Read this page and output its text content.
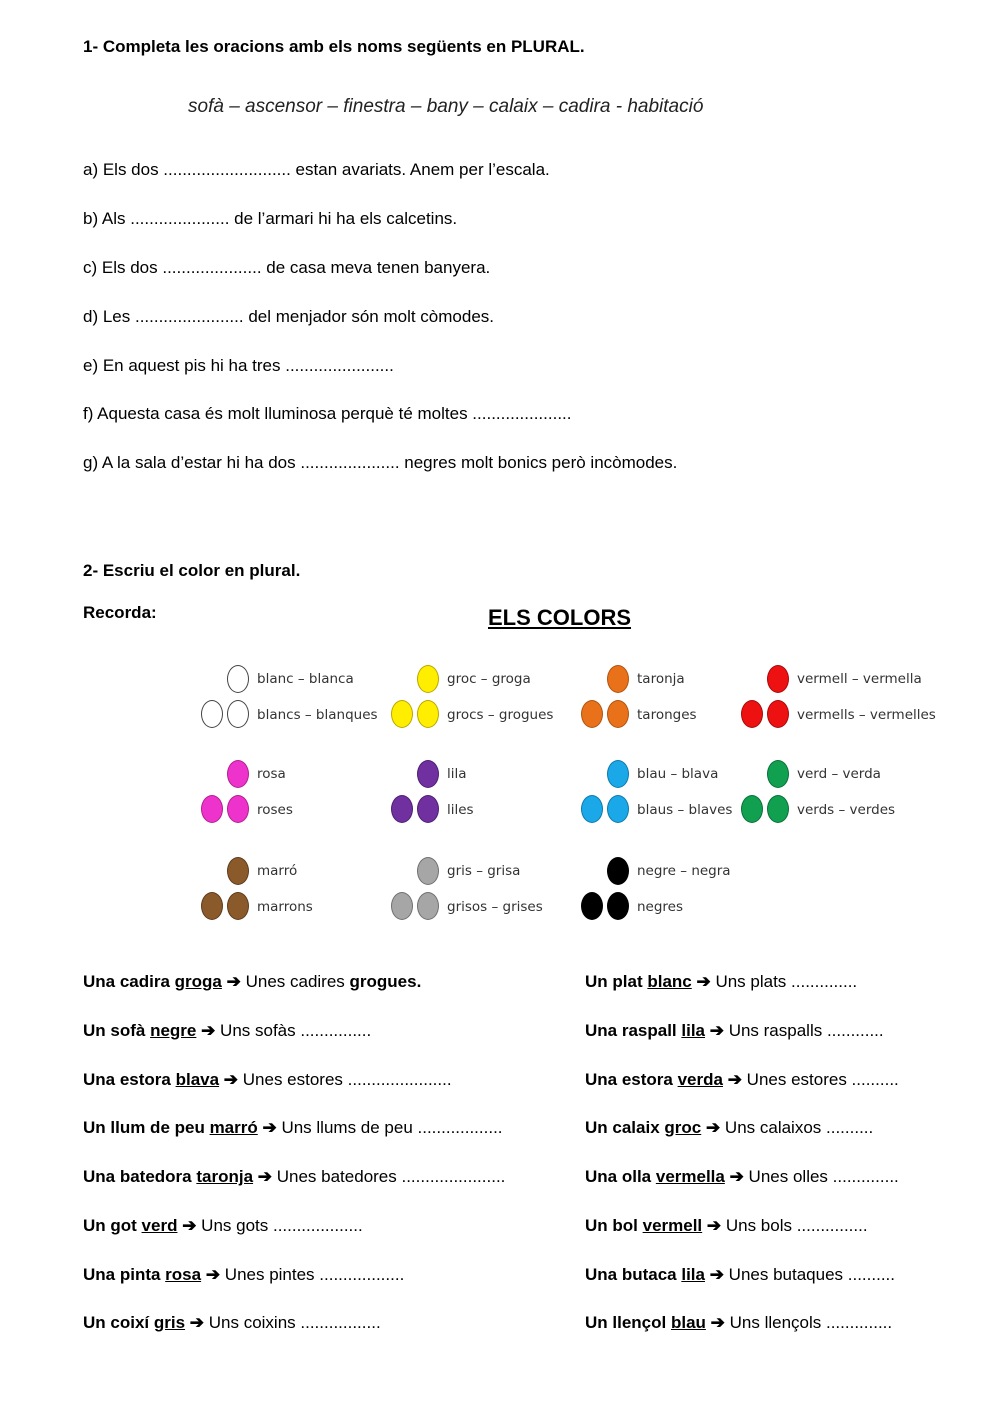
1- Completa les oracions amb els noms següents en PLURAL.
sofà – ascensor – finestra – bany – calaix – cadira - habitació
a) Els dos ........................... estan avariats. Anem per l’escala.
b) Als ..................... de l’armari hi ha els calcetins.
c) Els dos ..................... de casa meva tenen banyera.
d) Les ....................... del menjador són molt còmodes.
e) En aquest pis hi ha tres .......................
f) Aquesta casa és molt lluminosa perquè té moltes .....................
g) A la sala d’estar hi ha dos ..................... negres molt bonics però incòmodes.
2- Escriu el color en plural.
Recorda:	ELS COLORS
blanc – blanca
blancs – blanques
groc – groga
grocs – grogues
taronja
taronges
vermell – vermella
vermells – vermelles
rosa
roses
lila
liles
blau – blava
blaus – blaves
verd – verda
verds – verdes
marró
marrons
gris – grisa
grisos – grises
negre – negra
negres
Una cadira groga ➔ Unes cadires grogues.
Un sofà negre ➔ Uns sofàs ...............
Una estora blava ➔ Unes estores ......................
Un llum de peu marró ➔ Uns llums de peu ..................
Una batedora taronja ➔ Unes batedores ......................
Un got verd ➔ Uns gots ...................
Una pinta rosa ➔ Unes pintes ..................
Un coixí gris ➔ Uns coixins .................
Un plat blanc ➔ Uns plats ..............
Una raspall lila ➔ Uns raspalls ............
Una estora verda ➔ Unes estores ..........
Un calaix groc ➔ Uns calaixos ..........
Una olla vermella ➔ Unes olles ..............
Un bol vermell ➔ Uns bols ...............
Una butaca lila ➔ Unes butaques ..........
Un llençol blau ➔ Uns llençols ..............
